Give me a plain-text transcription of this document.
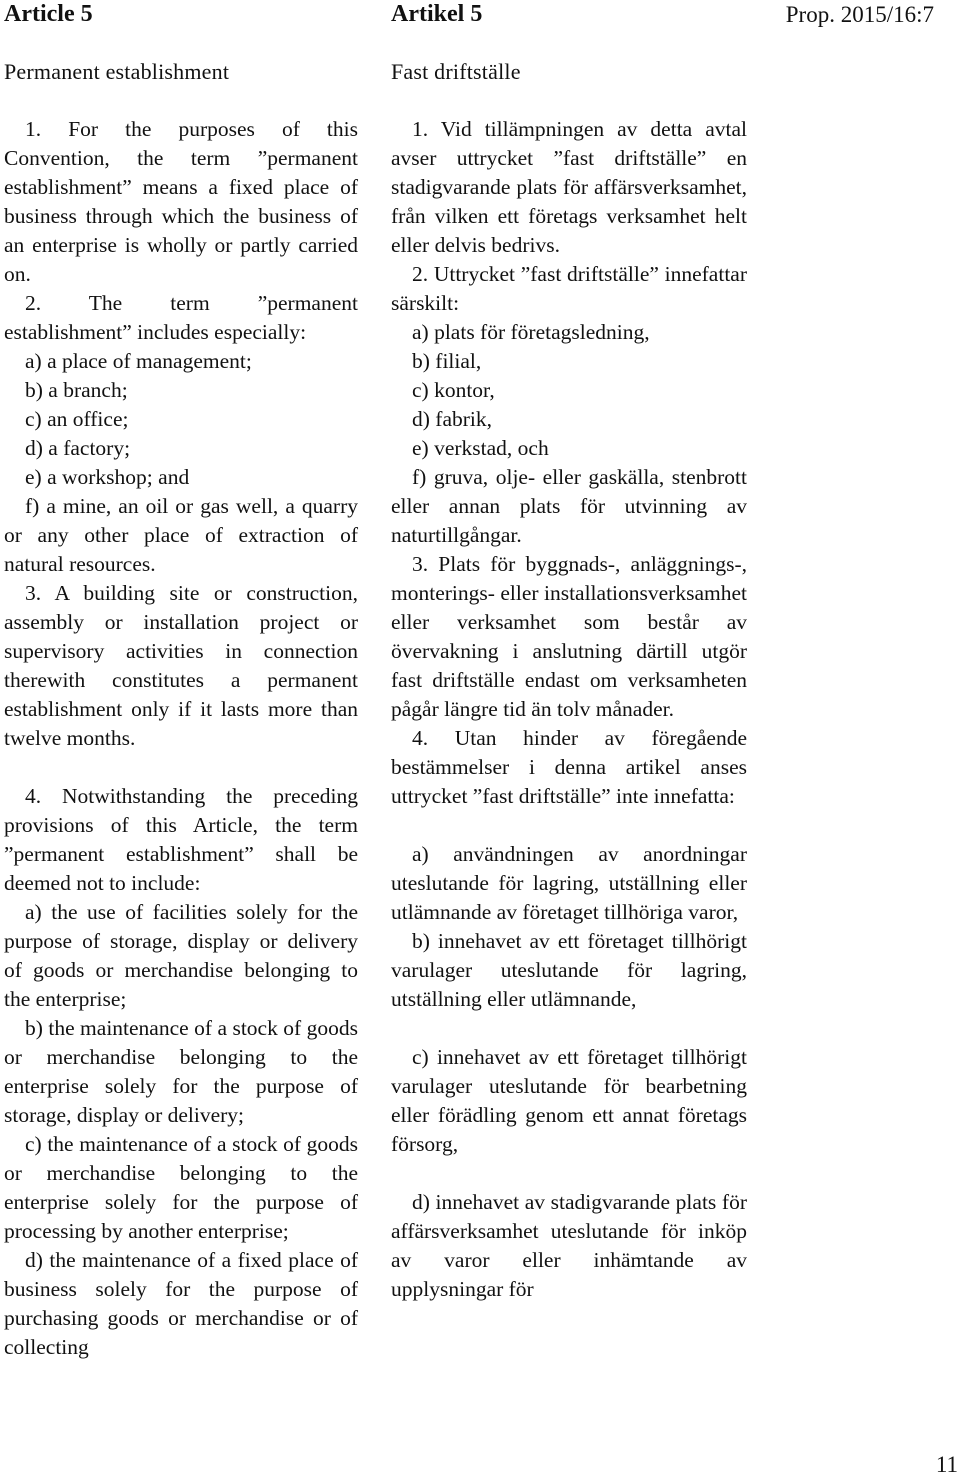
Article 5	Artikel 5	Prop. 2015/16:7
Permanent establishment	Fast driftställe
1. For the purposes of this Convention, the term ”permanent establishment” means a fixed place of business through which the business of an enterprise is wholly or partly carried on.
2. The term ”permanent establishment” includes especially:
a) a place of management;
b) a branch;
c) an office;
d) a factory;
e) a workshop; and
f) a mine, an oil or gas well, a quarry or any other place of extraction of natural resources.
3. A building site or construction, assembly or installation project or supervisory activities in connection therewith constitutes a permanent establishment only if it lasts more than twelve months.
4. Notwithstanding the preceding provisions of this Article, the term ”permanent establishment” shall be deemed not to include:
a) the use of facilities solely for the purpose of storage, display or delivery of goods or merchandise belonging to the enterprise;
b) the maintenance of a stock of goods or merchandise belonging to the enterprise solely for the purpose of storage, display or delivery;
c) the maintenance of a stock of goods or merchandise belonging to the enterprise solely for the purpose of processing by another enterprise;
d) the maintenance of a fixed place of business solely for the purpose of purchasing goods or merchandise or of collecting
1. Vid tillämpningen av detta avtal avser uttrycket ”fast driftställe” en stadigvarande plats för affärsverksamhet, från vilken ett företags verksamhet helt eller delvis bedrivs.
2. Uttrycket ”fast driftställe” innefattar särskilt:
a) plats för företagsledning,
b) filial,
c) kontor,
d) fabrik,
e) verkstad, och
f) gruva, olje- eller gaskälla, stenbrott eller annan plats för utvinning av naturtillgångar.
3. Plats för byggnads-, anläggnings-, monterings- eller installationsverksamhet eller verksamhet som består av övervakning i anslutning därtill utgör fast driftställe endast om verksamheten pågår längre tid än tolv månader.
4. Utan hinder av föregående bestämmelser i denna artikel anses uttrycket ”fast driftställe” inte innefatta:
a) användningen av anordningar uteslutande för lagring, utställning eller utlämnande av företaget tillhöriga varor,
b) innehavet av ett företaget tillhörigt varulager uteslutande för lagring, utställning eller utlämnande,
c) innehavet av ett företaget tillhörigt varulager uteslutande för bearbetning eller förädling genom ett annat företags försorg,
d) innehavet av stadigvarande plats för affärsverksamhet uteslutande för inköp av varor eller inhämtande av upplysningar för
11
